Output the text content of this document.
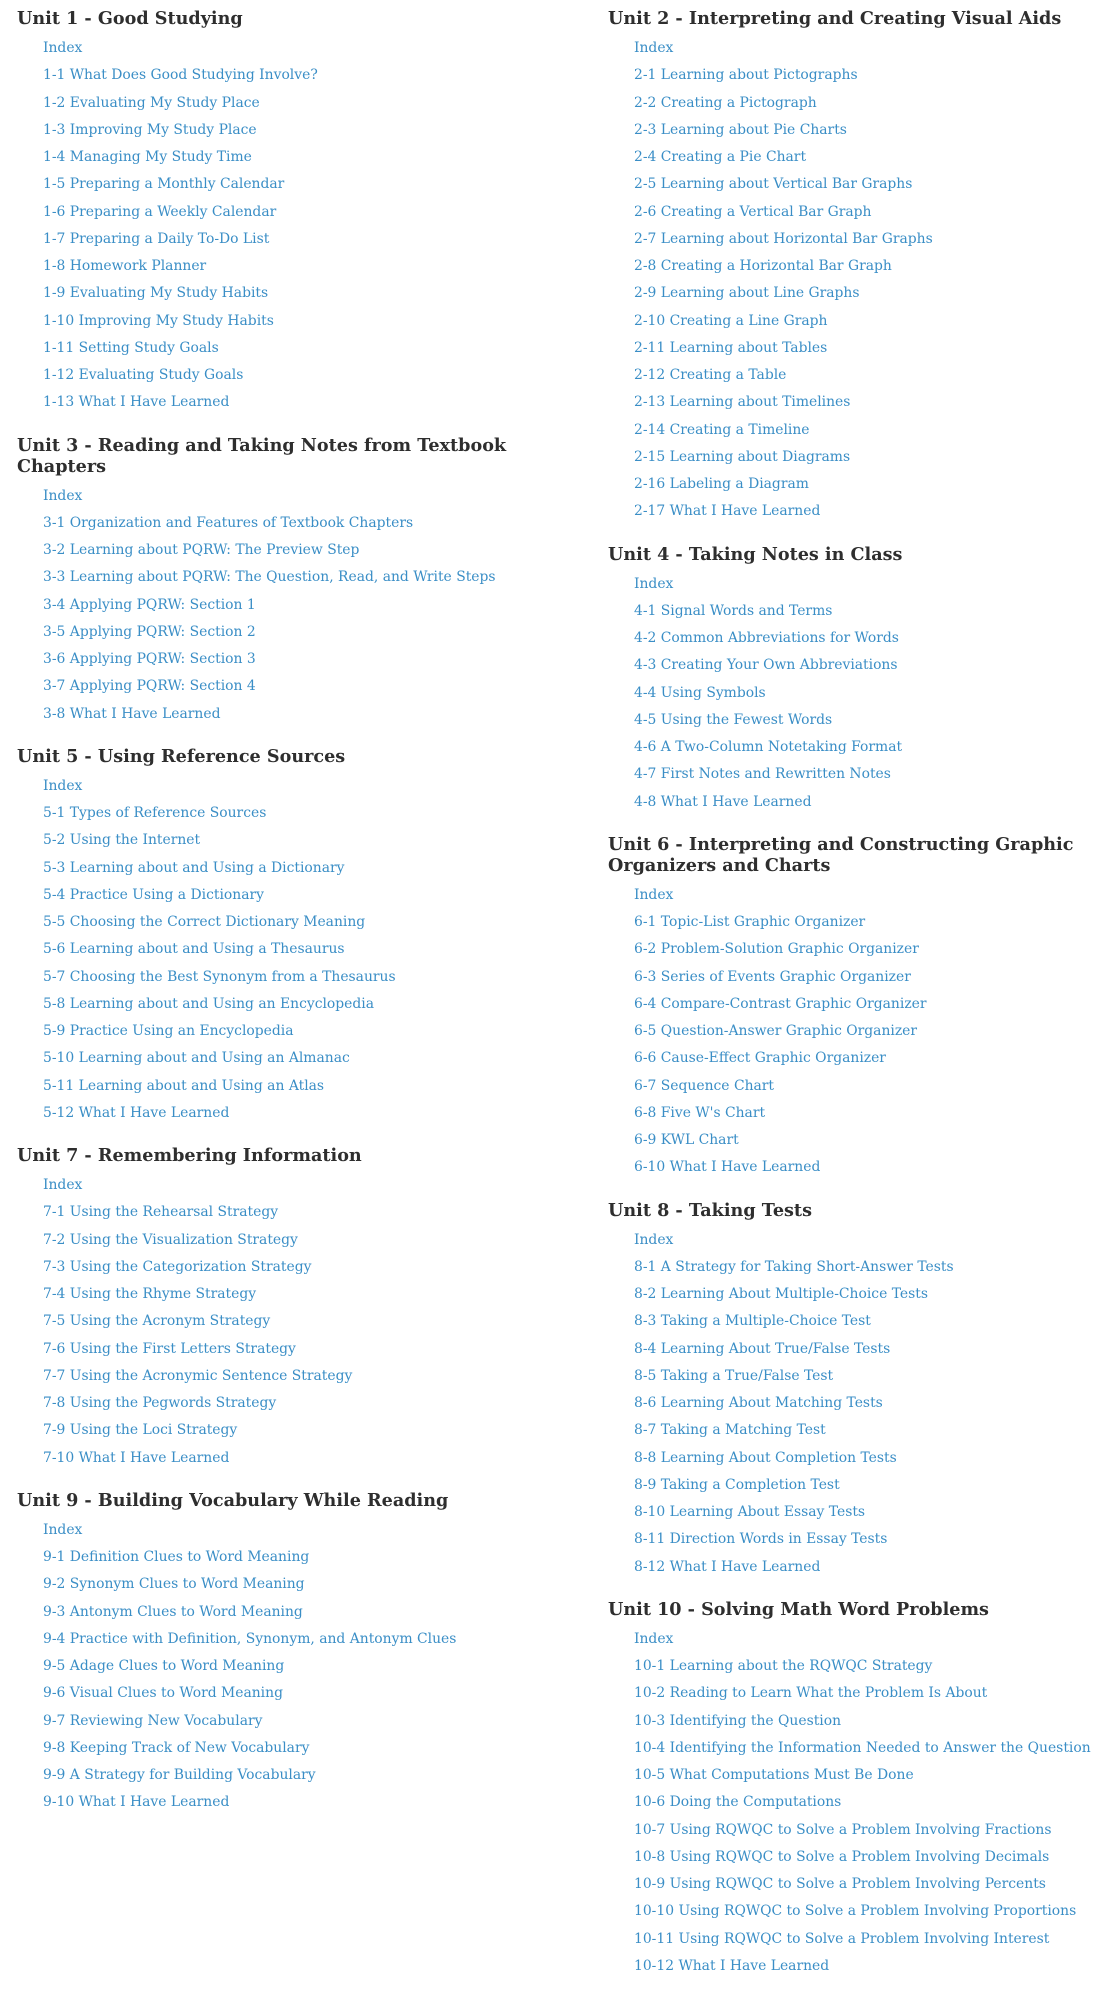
Unit 1 - Good Studying
Index
1-1 What Does Good Studying Involve?
1-2 Evaluating My Study Place
1-3 Improving My Study Place
1-4 Managing My Study Time
1-5 Preparing a Monthly Calendar
1-6 Preparing a Weekly Calendar
1-7 Preparing a Daily To-Do List
1-8 Homework Planner
1-9 Evaluating My Study Habits
1-10 Improving My Study Habits
1-11 Setting Study Goals
1-12 Evaluating Study Goals
1-13 What I Have Learned
Unit 3 - Reading and Taking Notes from Textbook Chapters
Index
3-1 Organization and Features of Textbook Chapters
3-2 Learning about PQRW: The Preview Step
3-3 Learning about PQRW: The Question, Read, and Write Steps
3-4 Applying PQRW: Section 1
3-5 Applying PQRW: Section 2
3-6 Applying PQRW: Section 3
3-7 Applying PQRW: Section 4
3-8 What I Have Learned
Unit 5 - Using Reference Sources
Index
5-1 Types of Reference Sources
5-2 Using the Internet
5-3 Learning about and Using a Dictionary
5-4 Practice Using a Dictionary
5-5 Choosing the Correct Dictionary Meaning
5-6 Learning about and Using a Thesaurus
5-7 Choosing the Best Synonym from a Thesaurus
5-8 Learning about and Using an Encyclopedia
5-9 Practice Using an Encyclopedia
5-10 Learning about and Using an Almanac
5-11 Learning about and Using an Atlas
5-12 What I Have Learned
Unit 7 - Remembering Information
Index
7-1 Using the Rehearsal Strategy
7-2 Using the Visualization Strategy
7-3 Using the Categorization Strategy
7-4 Using the Rhyme Strategy
7-5 Using the Acronym Strategy
7-6 Using the First Letters Strategy
7-7 Using the Acronymic Sentence Strategy
7-8 Using the Pegwords Strategy
7-9 Using the Loci Strategy
7-10 What I Have Learned
Unit 9 - Building Vocabulary While Reading
Index
9-1 Definition Clues to Word Meaning
9-2 Synonym Clues to Word Meaning
9-3 Antonym Clues to Word Meaning
9-4 Practice with Definition, Synonym, and Antonym Clues
9-5 Adage Clues to Word Meaning
9-6 Visual Clues to Word Meaning
9-7 Reviewing New Vocabulary
9-8 Keeping Track of New Vocabulary
9-9 A Strategy for Building Vocabulary
9-10 What I Have Learned
Unit 2 - Interpreting and Creating Visual Aids
Index
2-1 Learning about Pictographs
2-2 Creating a Pictograph
2-3 Learning about Pie Charts
2-4 Creating a Pie Chart
2-5 Learning about Vertical Bar Graphs
2-6 Creating a Vertical Bar Graph
2-7 Learning about Horizontal Bar Graphs
2-8 Creating a Horizontal Bar Graph
2-9 Learning about Line Graphs
2-10 Creating a Line Graph
2-11 Learning about Tables
2-12 Creating a Table
2-13 Learning about Timelines
2-14 Creating a Timeline
2-15 Learning about Diagrams
2-16 Labeling a Diagram
2-17 What I Have Learned
Unit 4 - Taking Notes in Class
Index
4-1 Signal Words and Terms
4-2 Common Abbreviations for Words
4-3 Creating Your Own Abbreviations
4-4 Using Symbols
4-5 Using the Fewest Words
4-6 A Two-Column Notetaking Format
4-7 First Notes and Rewritten Notes
4-8 What I Have Learned
Unit 6 - Interpreting and Constructing Graphic Organizers and Charts
Index
6-1 Topic-List Graphic Organizer
6-2 Problem-Solution Graphic Organizer
6-3 Series of Events Graphic Organizer
6-4 Compare-Contrast Graphic Organizer
6-5 Question-Answer Graphic Organizer
6-6 Cause-Effect Graphic Organizer
6-7 Sequence Chart
6-8 Five W's Chart
6-9 KWL Chart
6-10 What I Have Learned
Unit 8 - Taking Tests
Index
8-1 A Strategy for Taking Short-Answer Tests
8-2 Learning About Multiple-Choice Tests
8-3 Taking a Multiple-Choice Test
8-4 Learning About True/False Tests
8-5 Taking a True/False Test
8-6 Learning About Matching Tests
8-7 Taking a Matching Test
8-8 Learning About Completion Tests
8-9 Taking a Completion Test
8-10 Learning About Essay Tests
8-11 Direction Words in Essay Tests
8-12 What I Have Learned
Unit 10 - Solving Math Word Problems
Index
10-1 Learning about the RQWQC Strategy
10-2 Reading to Learn What the Problem Is About
10-3 Identifying the Question
10-4 Identifying the Information Needed to Answer the Question
10-5 What Computations Must Be Done
10-6 Doing the Computations
10-7 Using RQWQC to Solve a Problem Involving Fractions
10-8 Using RQWQC to Solve a Problem Involving Decimals
10-9 Using RQWQC to Solve a Problem Involving Percents
10-10 Using RQWQC to Solve a Problem Involving Proportions
10-11 Using RQWQC to Solve a Problem Involving Interest
10-12 What I Have Learned
